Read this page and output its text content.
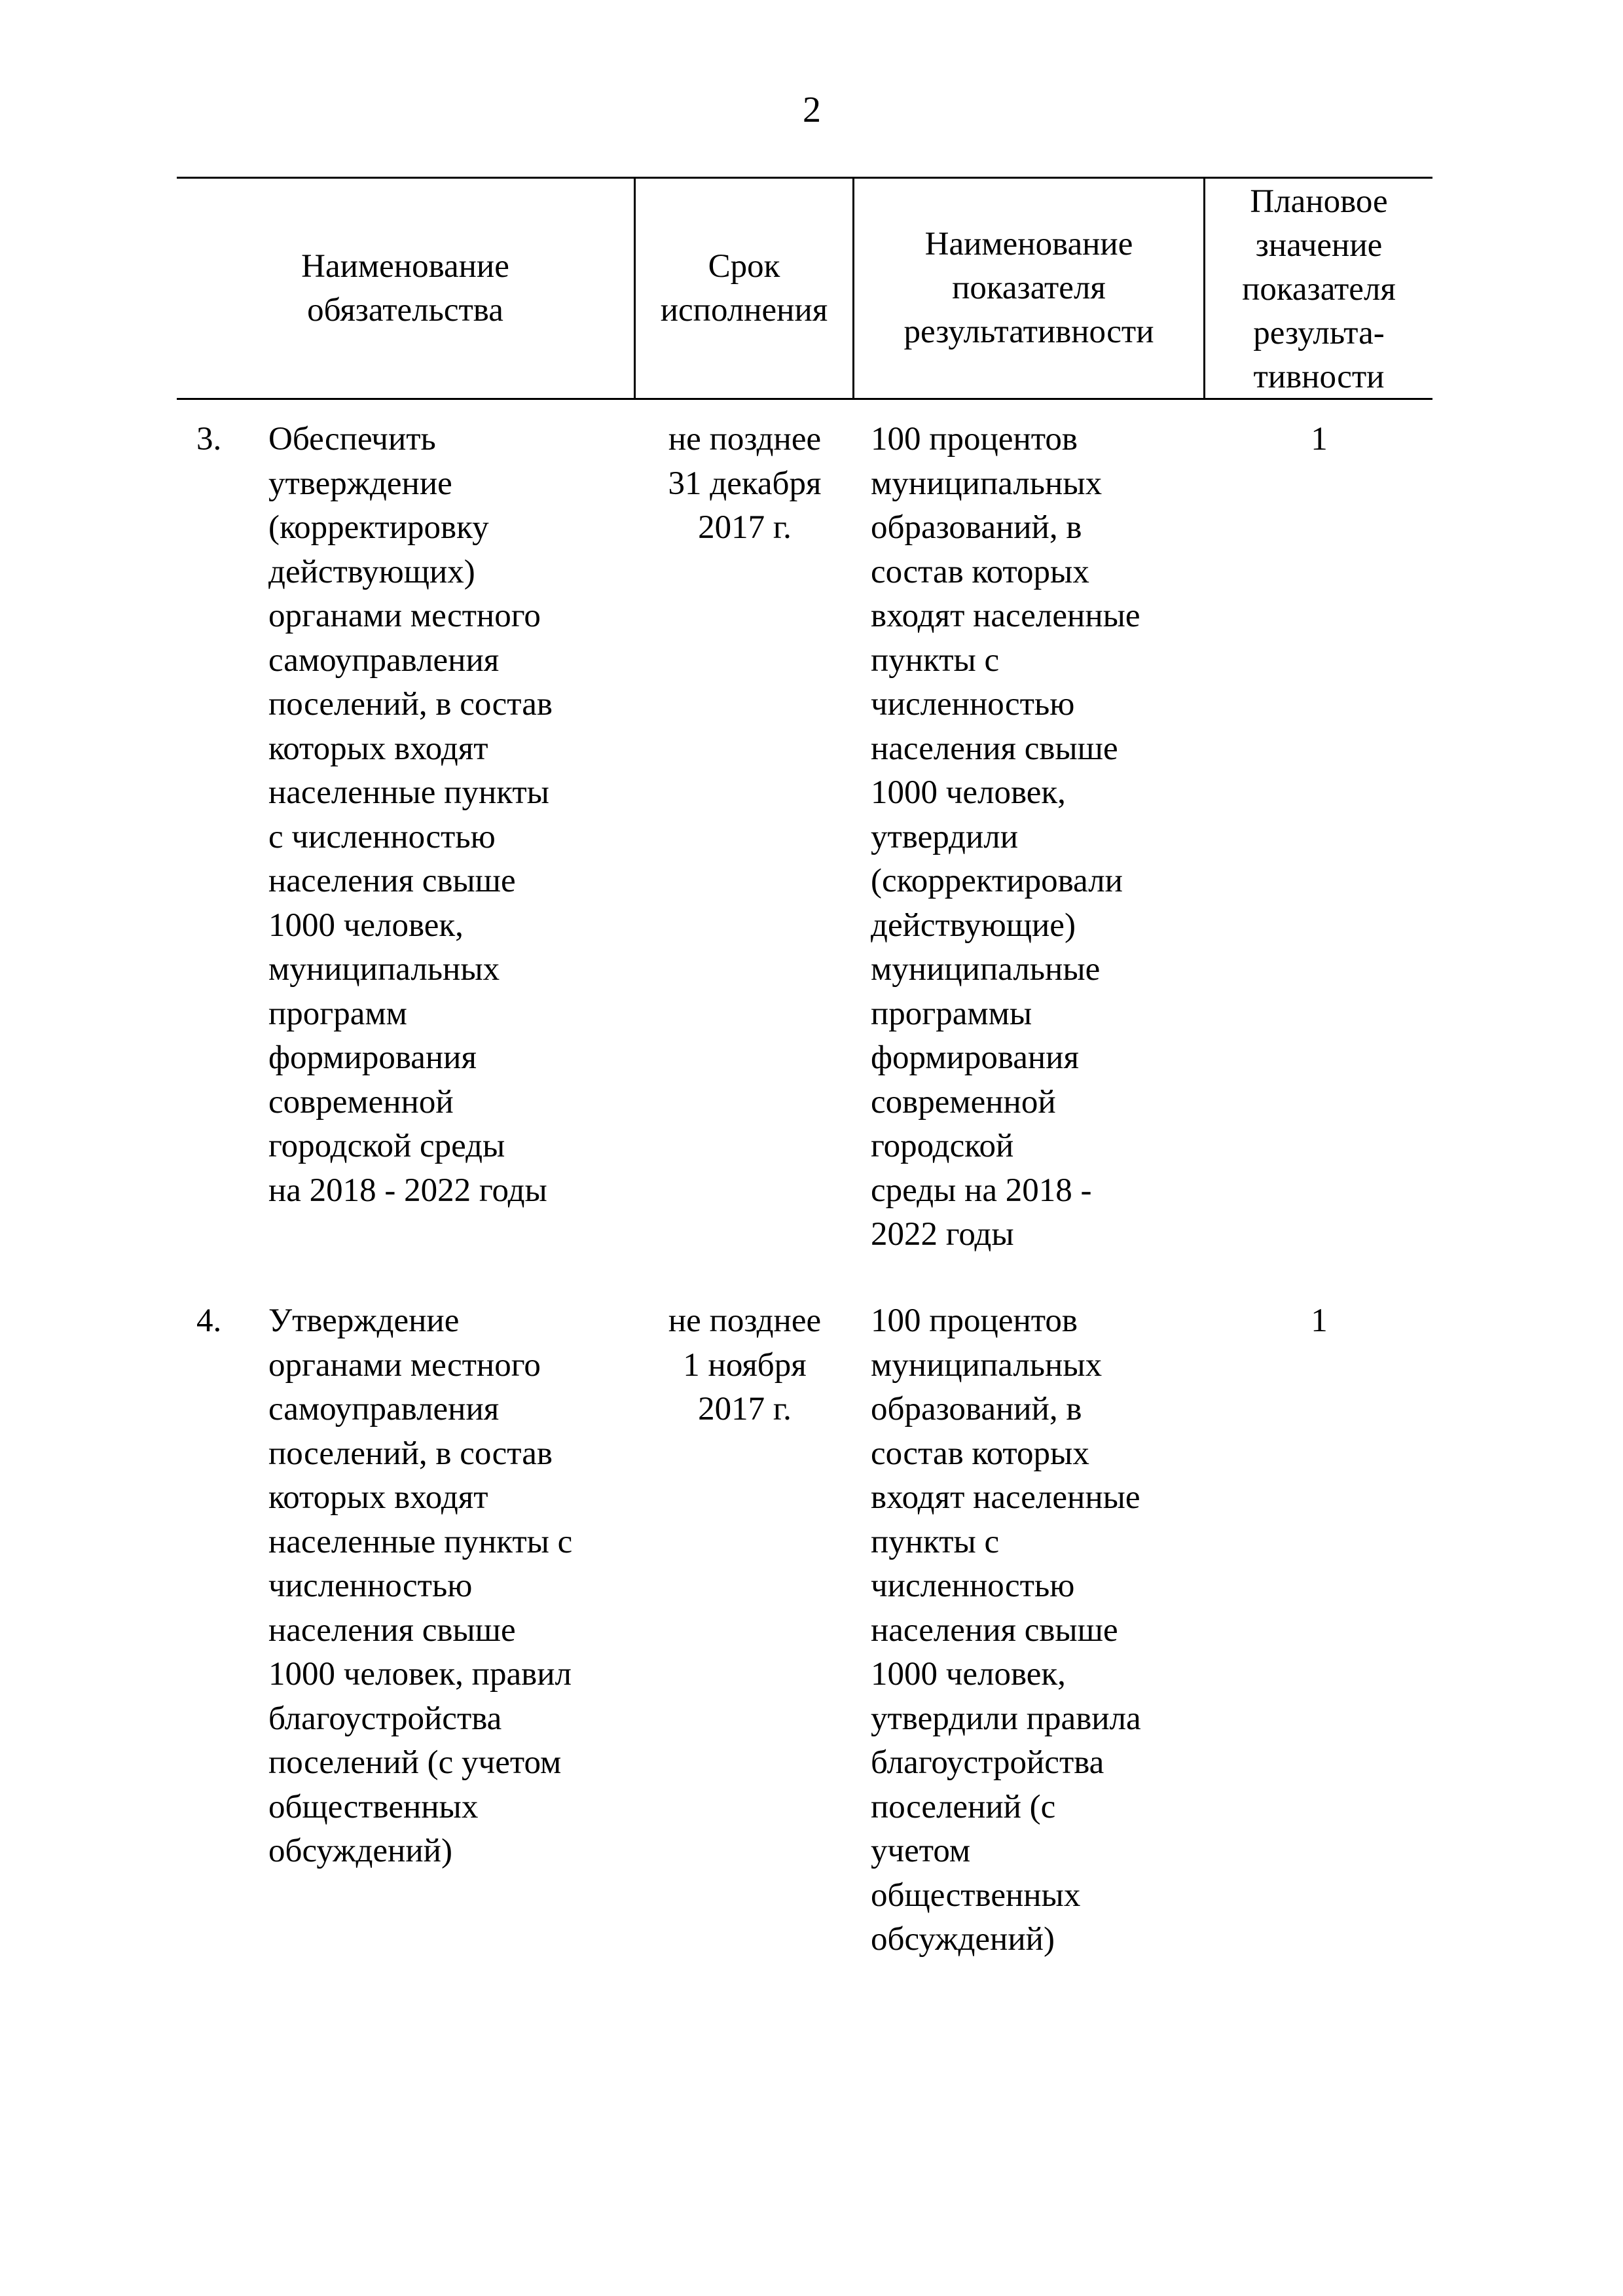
2
Наименование
обязательства
Срок
исполнения
Наименование
показателя
результативности
Плановое
значение
показателя
результа-
тивности
3.	Обеспечить
утверждение
(корректировку
действующих)
органами местного
самоуправления
поселений, в состав
которых входят
населенные пункты
с численностью
населения свыше
1000 человек,
муниципальных
программ
формирования
современной
городской среды
на 2018 - 2022 годы
не позднее
31 декабря
2017 г.
100 процентов
муниципальных
образований, в
состав которых
входят населенные
пункты с
численностью
населения свыше
1000 человек,
утвердили
(скорректировали
действующие)
муниципальные
программы
формирования
современной
городской
среды на 2018 -
2022 годы
1
4.	Утверждение
органами местного
самоуправления
поселений, в состав
которых входят
населенные пункты с
численностью
населения свыше
1000 человек, правил
благоустройства
поселений (с учетом
общественных
обсуждений)
не позднее
1 ноября
2017 г.
100 процентов
муниципальных
образований, в
состав которых
входят населенные
пункты с
численностью
населения свыше
1000 человек,
утвердили правила
благоустройства
поселений (с
учетом
общественных
обсуждений)
1
